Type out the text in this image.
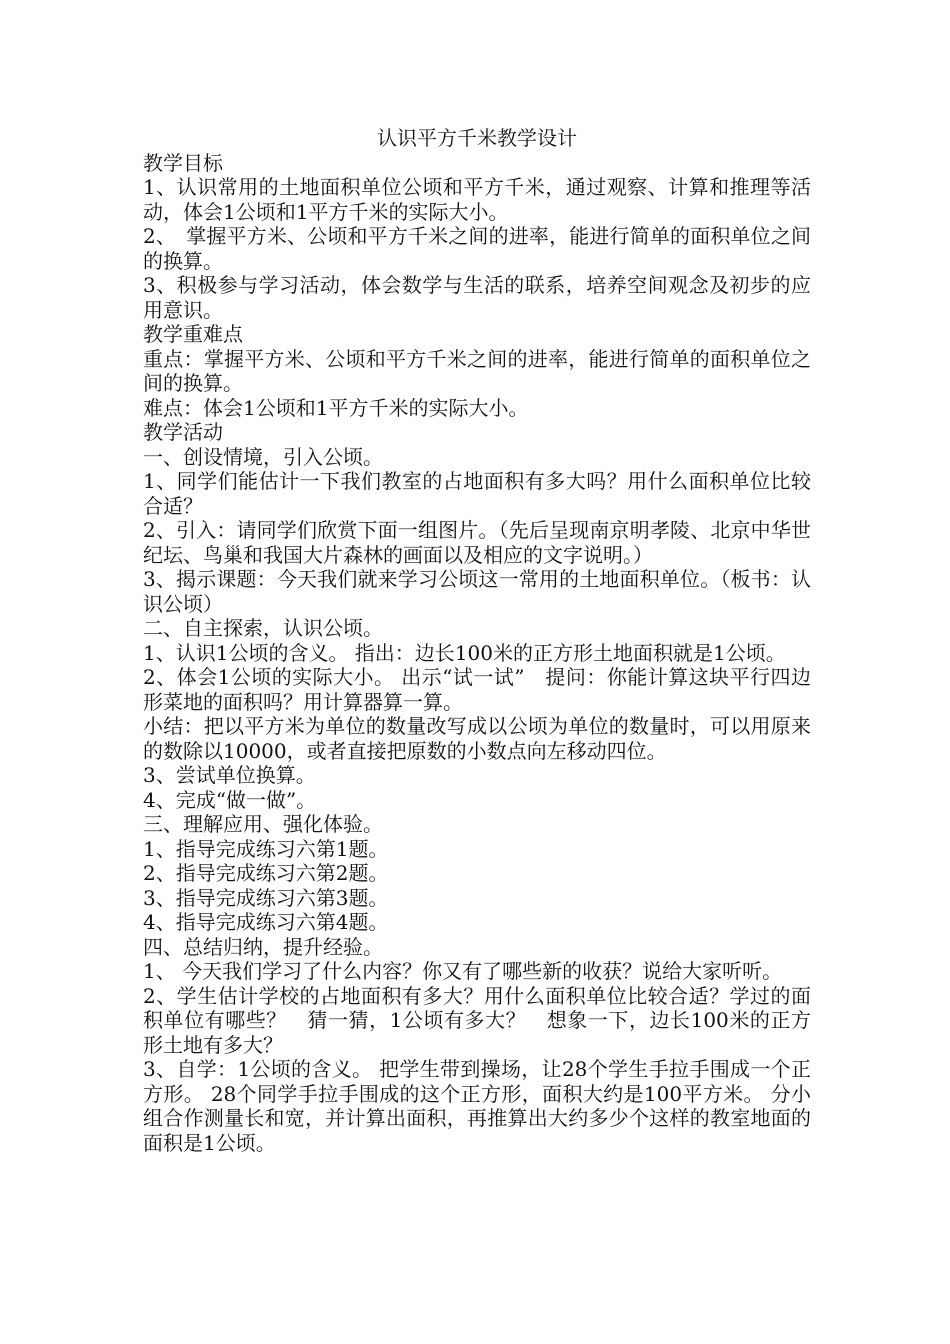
认识平方千米教学设计

教学目标

1、认识常用的土地面积单位公顷和平方千米，通过观察、计算和推理等活动，体会1公顷和1平方千米的实际大小。

2、　掌握平方米、公顷和平方千米之间的进率，能进行简单的面积单位之间的换算。

3、积极参与学习活动，体会数学与生活的联系，培养空间观念及初步的应用意识。

教学重难点

重点：掌握平方米、公顷和平方千米之间的进率，能进行简单的面积单位之间的换算。

难点：体会1公顷和1平方千米的实际大小。

教学活动

一、创设情境，引入公顷。

1、同学们能估计一下我们教室的占地面积有多大吗？用什么面积单位比较合适？

2、引入：请同学们欣赏下面一组图片。（先后呈现南京明孝陵、北京中华世纪坛、鸟巢和我国大片森林的画面以及相应的文字说明。）

3、揭示课题：今天我们就来学习公顷这一常用的土地面积单位。（板书：认识公顷）

二、自主探索，认识公顷。

1、认识1公顷的含义。 指出：边长100米的正方形土地面积就是1公顷。

2、体会1公顷的实际大小。 出示“试一试”　提问：你能计算这块平行四边形菜地的面积吗？用计算器算一算。

小结：把以平方米为单位的数量改写成以公顷为单位的数量时，可以用原来的数除以10000，或者直接把原数的小数点向左移动四位。

3、尝试单位换算。

4、完成“做一做”。

三、理解应用、强化体验。

1、指导完成练习六第1题。

2、指导完成练习六第2题。

3、指导完成练习六第3题。

4、指导完成练习六第4题。

四、总结归纳，提升经验。

1、 今天我们学习了什么内容？你又有了哪些新的收获？说给大家听听。

2、学生估计学校的占地面积有多大？用什么面积单位比较合适？学过的面积单位有哪些？　猜一猜，1公顷有多大？　想象一下，边长100米的正方形土地有多大？

3、自学：1公顷的含义。 把学生带到操场，让28个学生手拉手围成一个正方形。 28个同学手拉手围成的这个正方形，面积大约是100平方米。 分小组合作测量长和宽，并计算出面积，再推算出大约多少个这样的教室地面的面积是1公顷。
